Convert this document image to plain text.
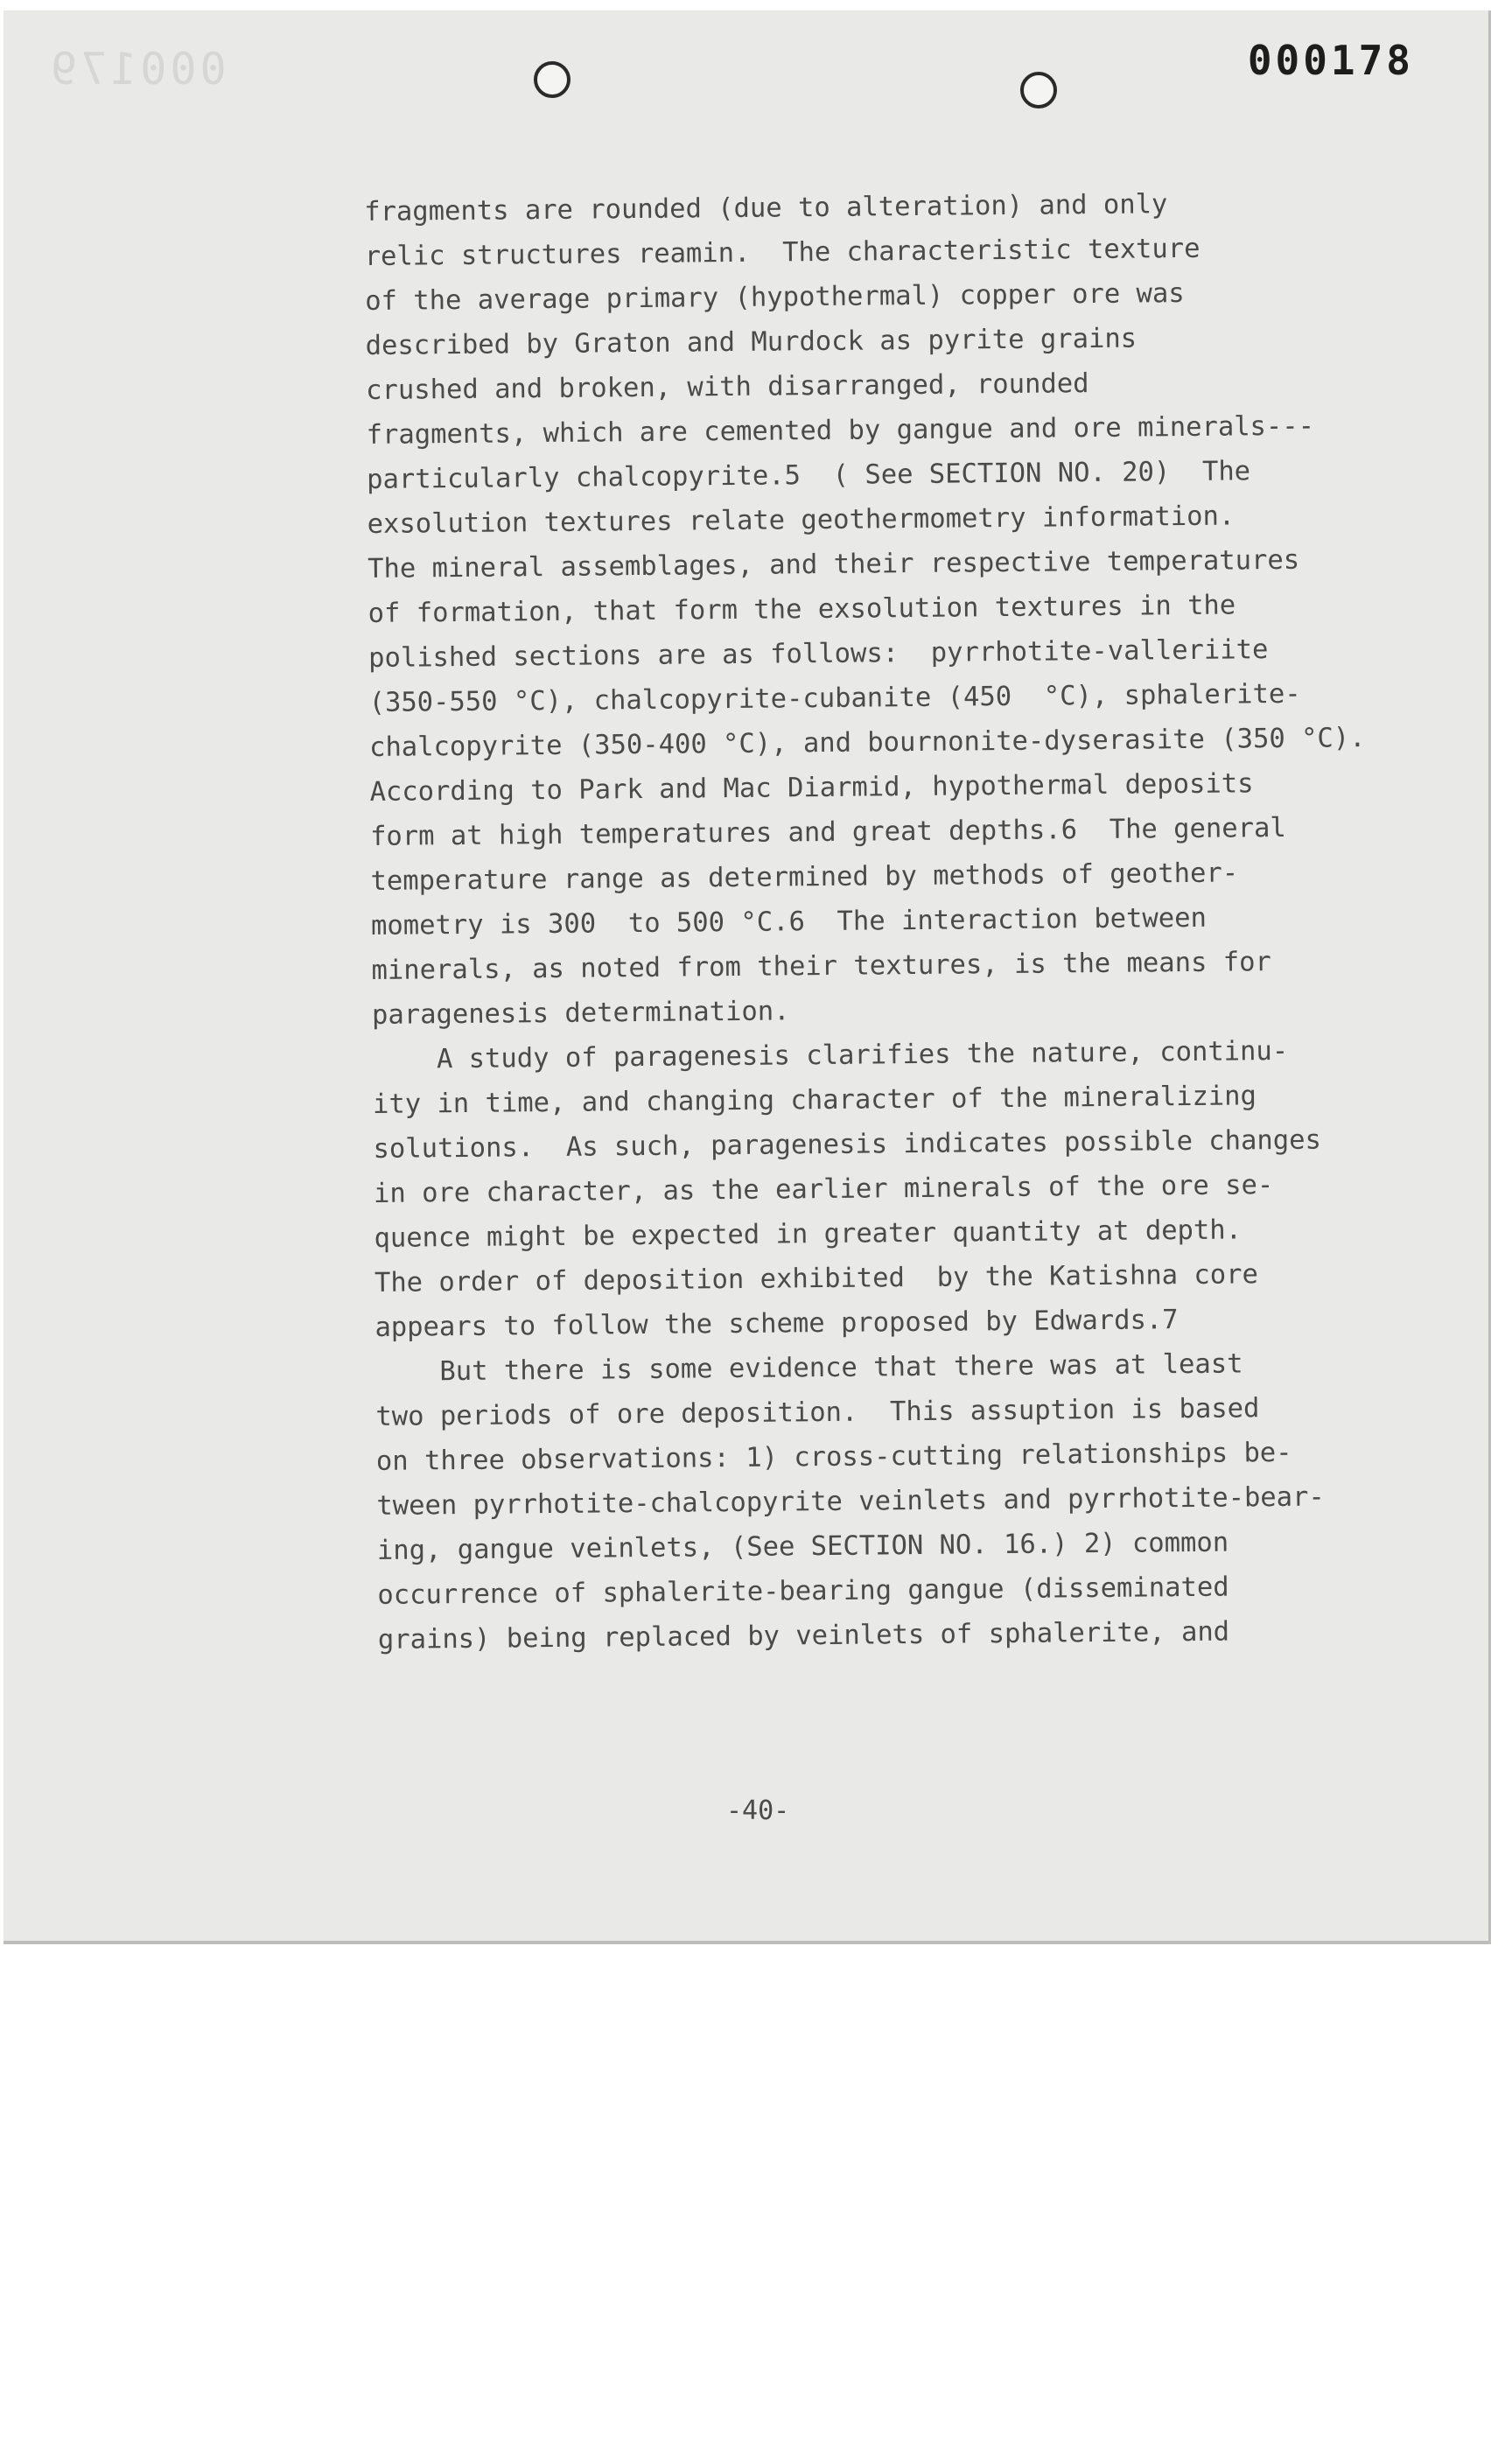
000179	000178

fragments are rounded (due to alteration) and only
relic structures reamin.  The characteristic texture
of the average primary (hypothermal) copper ore was
described by Graton and Murdock as pyrite grains
crushed and broken, with disarranged, rounded
fragments, which are cemented by gangue and ore minerals---
particularly chalcopyrite.5  ( See SECTION NO. 20)  The
exsolution textures relate geothermometry information.
The mineral assemblages, and their respective temperatures
of formation, that form the exsolution textures in the
polished sections are as follows:  pyrrhotite-valleriite
(350-550 °C), chalcopyrite-cubanite (450  °C), sphalerite-
chalcopyrite (350-400 °C), and bournonite-dyserasite (350 °C).
According to Park and Mac Diarmid, hypothermal deposits
form at high temperatures and great depths.6  The general
temperature range as determined by methods of geother-
mometry is 300  to 500 °C.6  The interaction between
minerals, as noted from their textures, is the means for
paragenesis determination.

A study of paragenesis clarifies the nature, continu-
ity in time, and changing character of the mineralizing
solutions.  As such, paragenesis indicates possible changes
in ore character, as the earlier minerals of the ore se-
quence might be expected in greater quantity at depth.
The order of deposition exhibited  by the Katishna core
appears to follow the scheme proposed by Edwards.7

But there is some evidence that there was at least
two periods of ore deposition.  This assuption is based
on three observations: 1) cross-cutting relationships be-
tween pyrrhotite-chalcopyrite veinlets and pyrrhotite-bear-
ing, gangue veinlets, (See SECTION NO. 16.) 2) common
occurrence of sphalerite-bearing gangue (disseminated
grains) being replaced by veinlets of sphalerite, and

-40-
